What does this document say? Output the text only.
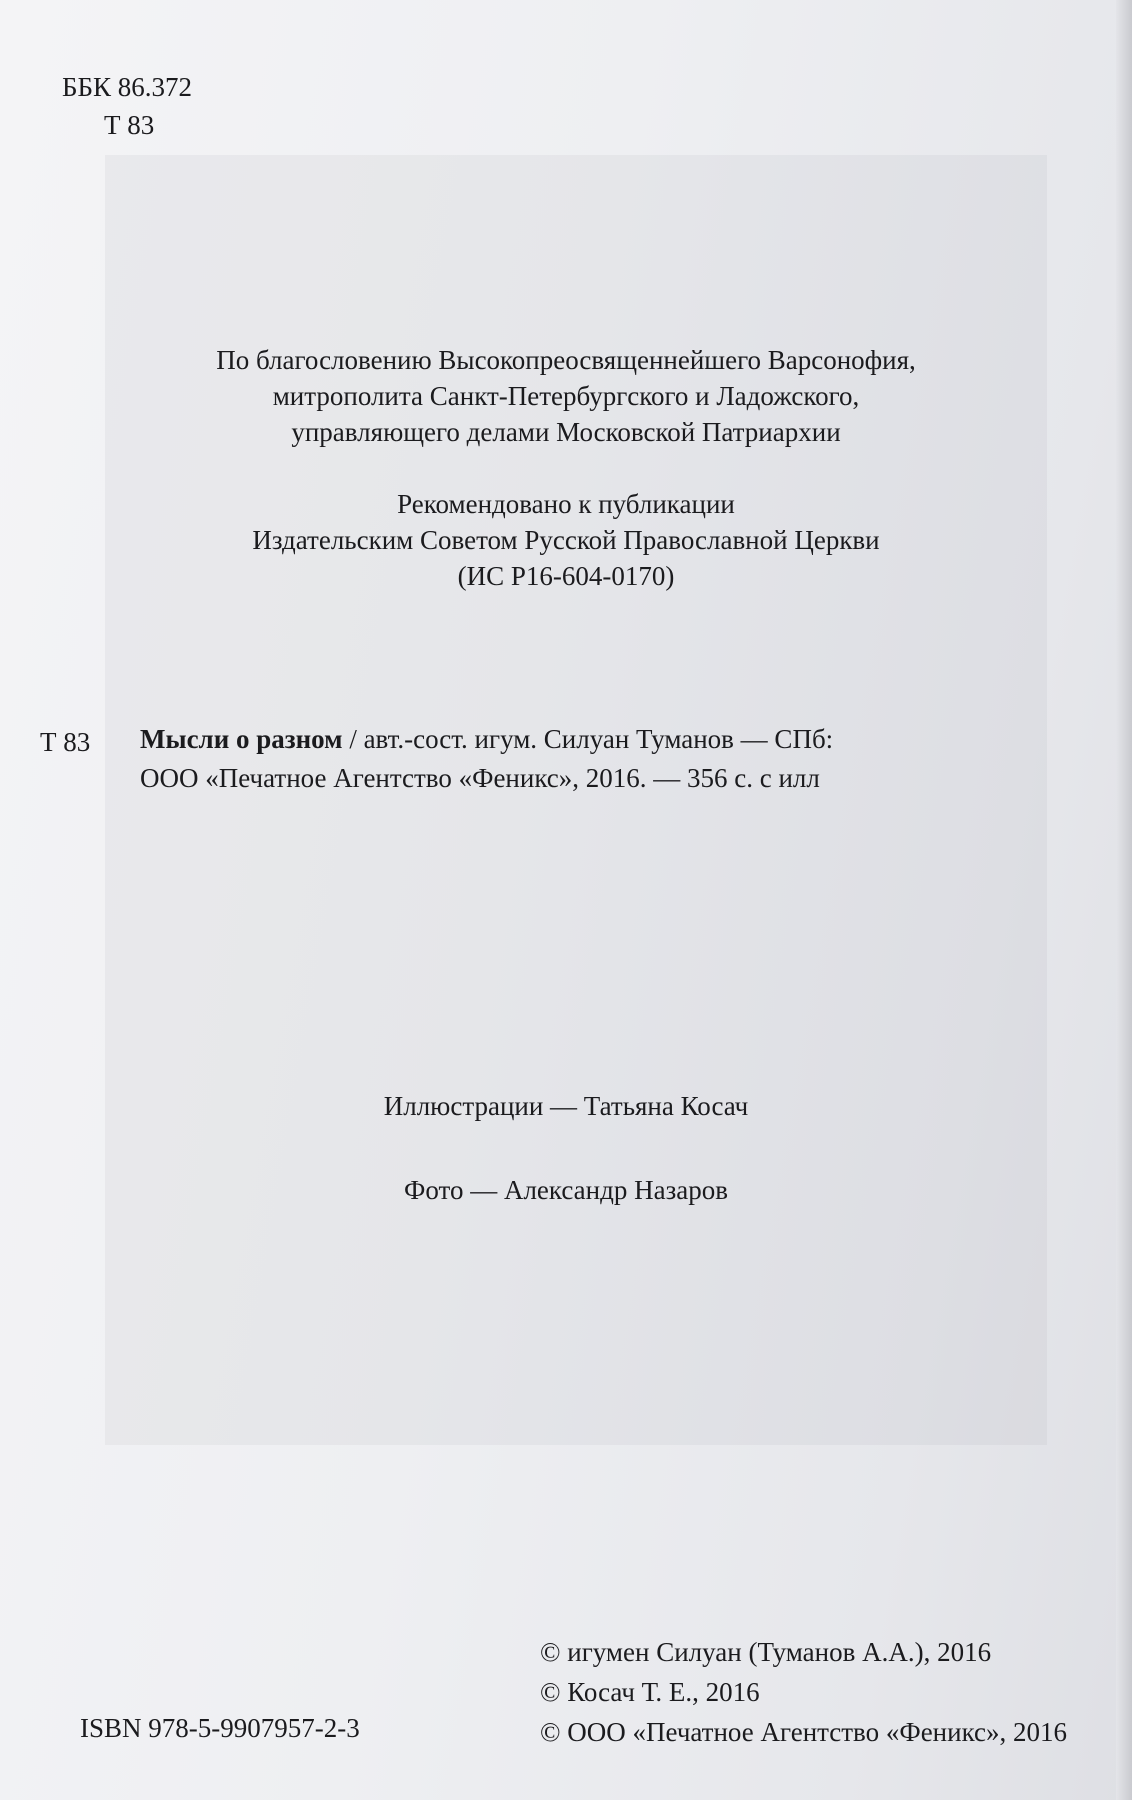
ББК 86.372
Т 83
По благословению Высокопреосвященнейшего Варсонофия,
митрополита Санкт-Петербургского и Ладожского,
управляющего делами Московской Патриархии
Рекомендовано к публикации
Издательским Советом Русской Православной Церкви
(ИС Р16-604-0170)
Т 83 Мысли о разном / авт.-сост. игум. Силуан Туманов — СПб:
ООО «Печатное Агентство «Феникс», 2016. — 356 с. с илл
Иллюстрации — Татьяна Косач
Фото — Александр Назаров
© игумен Силуан (Туманов А.А.), 2016
© Косач Т. Е., 2016
© ООО «Печатное Агентство «Феникс», 2016
ISBN 978-5-9907957-2-3
